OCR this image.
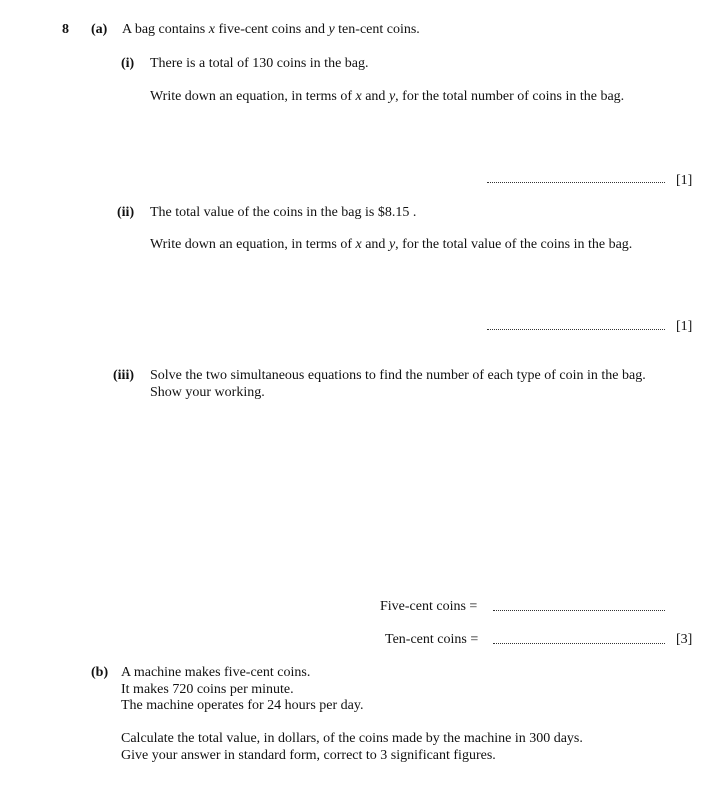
8 (a) A bag contains x five-cent coins and y ten-cent coins.
(i) There is a total of 130 coins in the bag.
Write down an equation, in terms of x and y, for the total number of coins in the bag.
[1]
(ii) The total value of the coins in the bag is $8.15 .
Write down an equation, in terms of x and y, for the total value of the coins in the bag.
[1]
(iii) Solve the two simultaneous equations to find the number of each type of coin in the bag.
Show your working.
Five-cent coins =
Ten-cent coins =	[3]
(b) A machine makes five-cent coins.
It makes 720 coins per minute.
The machine operates for 24 hours per day.
Calculate the total value, in dollars, of the coins made by the machine in 300 days.
Give your answer in standard form, correct to 3 significant figures.
